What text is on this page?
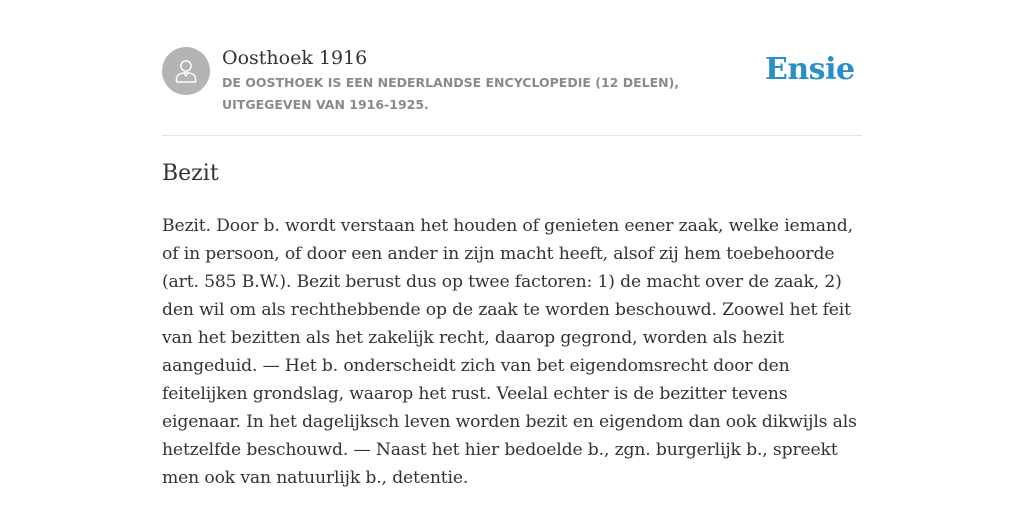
Oosthoek 1916
DE OOSTHOEK IS EEN NEDERLANDSE ENCYCLOPEDIE (12 DELEN), UITGEGEVEN VAN 1916-1925.
Ensie
Bezit

Bezit. Door b. wordt verstaan het houden of genieten eener zaak, welke iemand, of in persoon, of door een ander in zijn macht heeft, alsof zij hem toebehoorde (art. 585 B.W.). Bezit berust dus op twee factoren: 1) de macht over de zaak, 2) den wil om als rechthebbende op de zaak te worden beschouwd. Zoowel het feit van het bezitten als het zakelijk recht, daarop gegrond, worden als hezit aangeduid. — Het b. onderscheidt zich van bet eigendomsrecht door den feitelijken grondslag, waarop het rust. Veelal echter is de bezitter tevens eigenaar. In het dagelijksch leven worden bezit en eigendom dan ook dikwijls als hetzelfde beschouwd. — Naast het hier bedoelde b., zgn. burgerlijk b., spreekt men ook van natuurlijk b., detentie.
